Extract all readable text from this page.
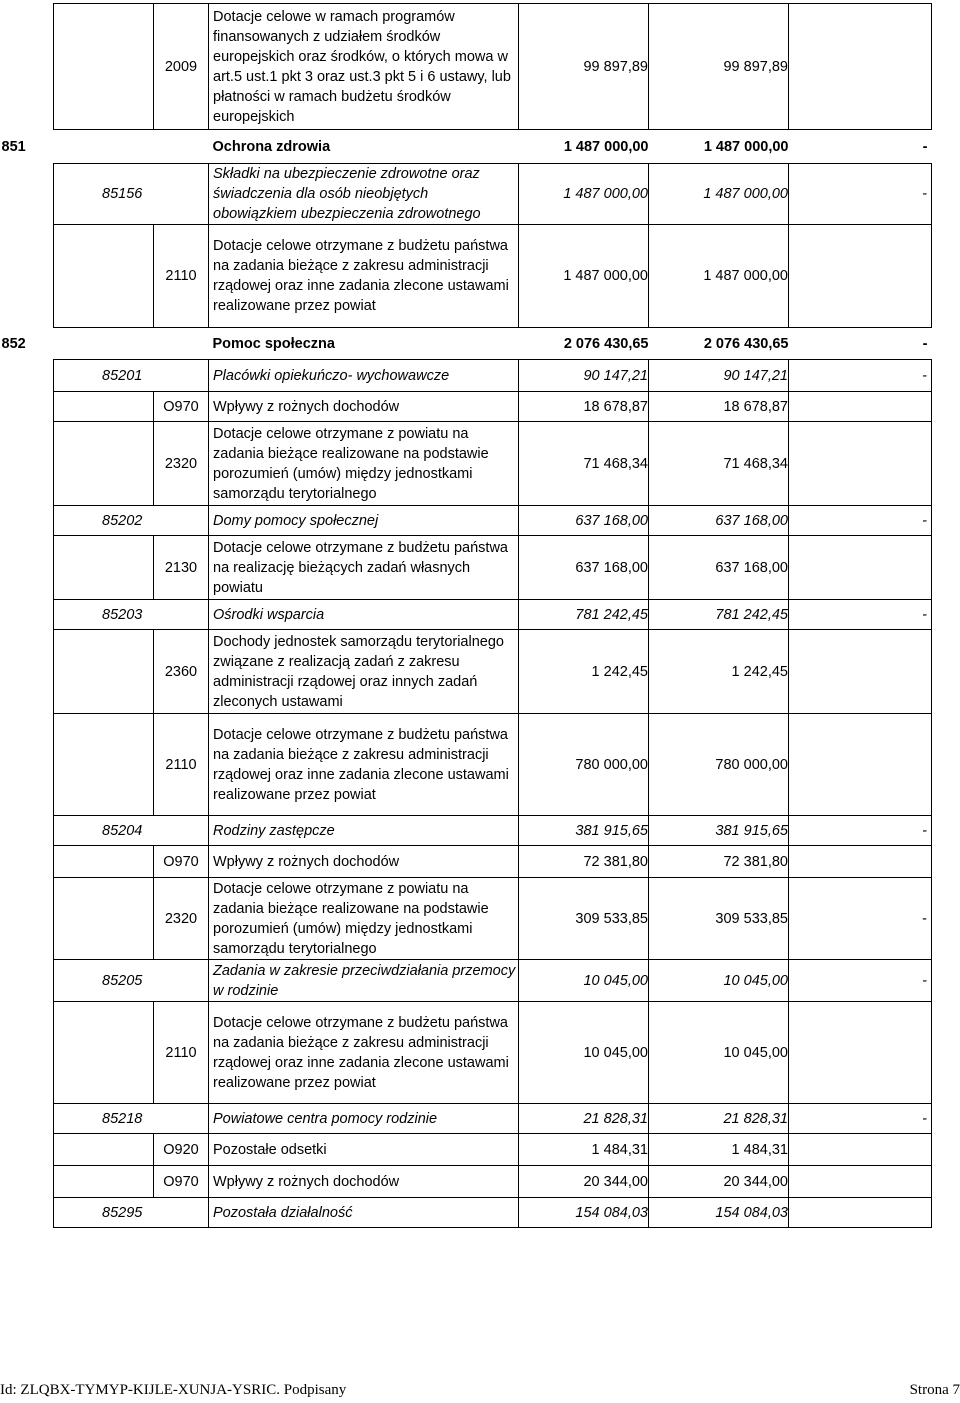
	2009	Dotacje celowe w ramach programów finansowanych z udziałem środków europejskich oraz środków, o których mowa w art.5 ust.1 pkt 3 oraz ust.3 pkt 5 i 6 ustawy, lub płatności w ramach budżetu środków europejskich	99 897,89	99 897,89	
851		Ochrona zdrowia	1 487 000,00	1 487 000,00	-
85156		Składki na ubezpieczenie zdrowotne oraz świadczenia dla osób nieobjętych obowiązkiem ubezpieczenia zdrowotnego	1 487 000,00	1 487 000,00	-
	2110	Dotacje celowe otrzymane z budżetu państwa na zadania bieżące z zakresu administracji rządowej oraz inne zadania zlecone ustawami realizowane przez powiat	1 487 000,00	1 487 000,00	
852		Pomoc społeczna	2 076 430,65	2 076 430,65	-
85201		Placówki opiekuńczo- wychowawcze	90 147,21	90 147,21	-
	O970	Wpływy z rożnych dochodów	18 678,87	18 678,87	
	2320	Dotacje celowe otrzymane z powiatu na zadania bieżące realizowane na podstawie porozumień (umów) między jednostkami samorządu terytorialnego	71 468,34	71 468,34	
85202		Domy pomocy społecznej	637 168,00	637 168,00	-
	2130	Dotacje celowe otrzymane z budżetu państwa na realizację bieżących zadań własnych powiatu	637 168,00	637 168,00	
85203		Ośrodki wsparcia	781 242,45	781 242,45	-
	2360	Dochody jednostek samorządu terytorialnego związane z realizacją zadań z zakresu administracji rządowej oraz innych zadań zleconych ustawami	1 242,45	1 242,45	
	2110	Dotacje celowe otrzymane z budżetu państwa na zadania bieżące z zakresu administracji rządowej oraz inne zadania zlecone ustawami realizowane przez powiat	780 000,00	780 000,00	
85204		Rodziny zastępcze	381 915,65	381 915,65	-
	O970	Wpływy z rożnych dochodów	72 381,80	72 381,80	
	2320	Dotacje celowe otrzymane z powiatu na zadania bieżące realizowane na podstawie porozumień (umów) między jednostkami samorządu terytorialnego	309 533,85	309 533,85	-
85205		Zadania w zakresie przeciwdziałania przemocy w rodzinie	10 045,00	10 045,00	-
	2110	Dotacje celowe otrzymane z budżetu państwa na zadania bieżące z zakresu administracji rządowej oraz inne zadania zlecone ustawami realizowane przez powiat	10 045,00	10 045,00	
85218		Powiatowe centra pomocy rodzinie	21 828,31	21 828,31	-
	O920	Pozostałe odsetki	1 484,31	1 484,31	
	O970	Wpływy z rożnych dochodów	20 344,00	20 344,00	
85295		Pozostała działalność	154 084,03	154 084,03	
Id: ZLQBX-TYMYP-KIJLE-XUNJA-YSRIC. Podpisany	Strona 7
